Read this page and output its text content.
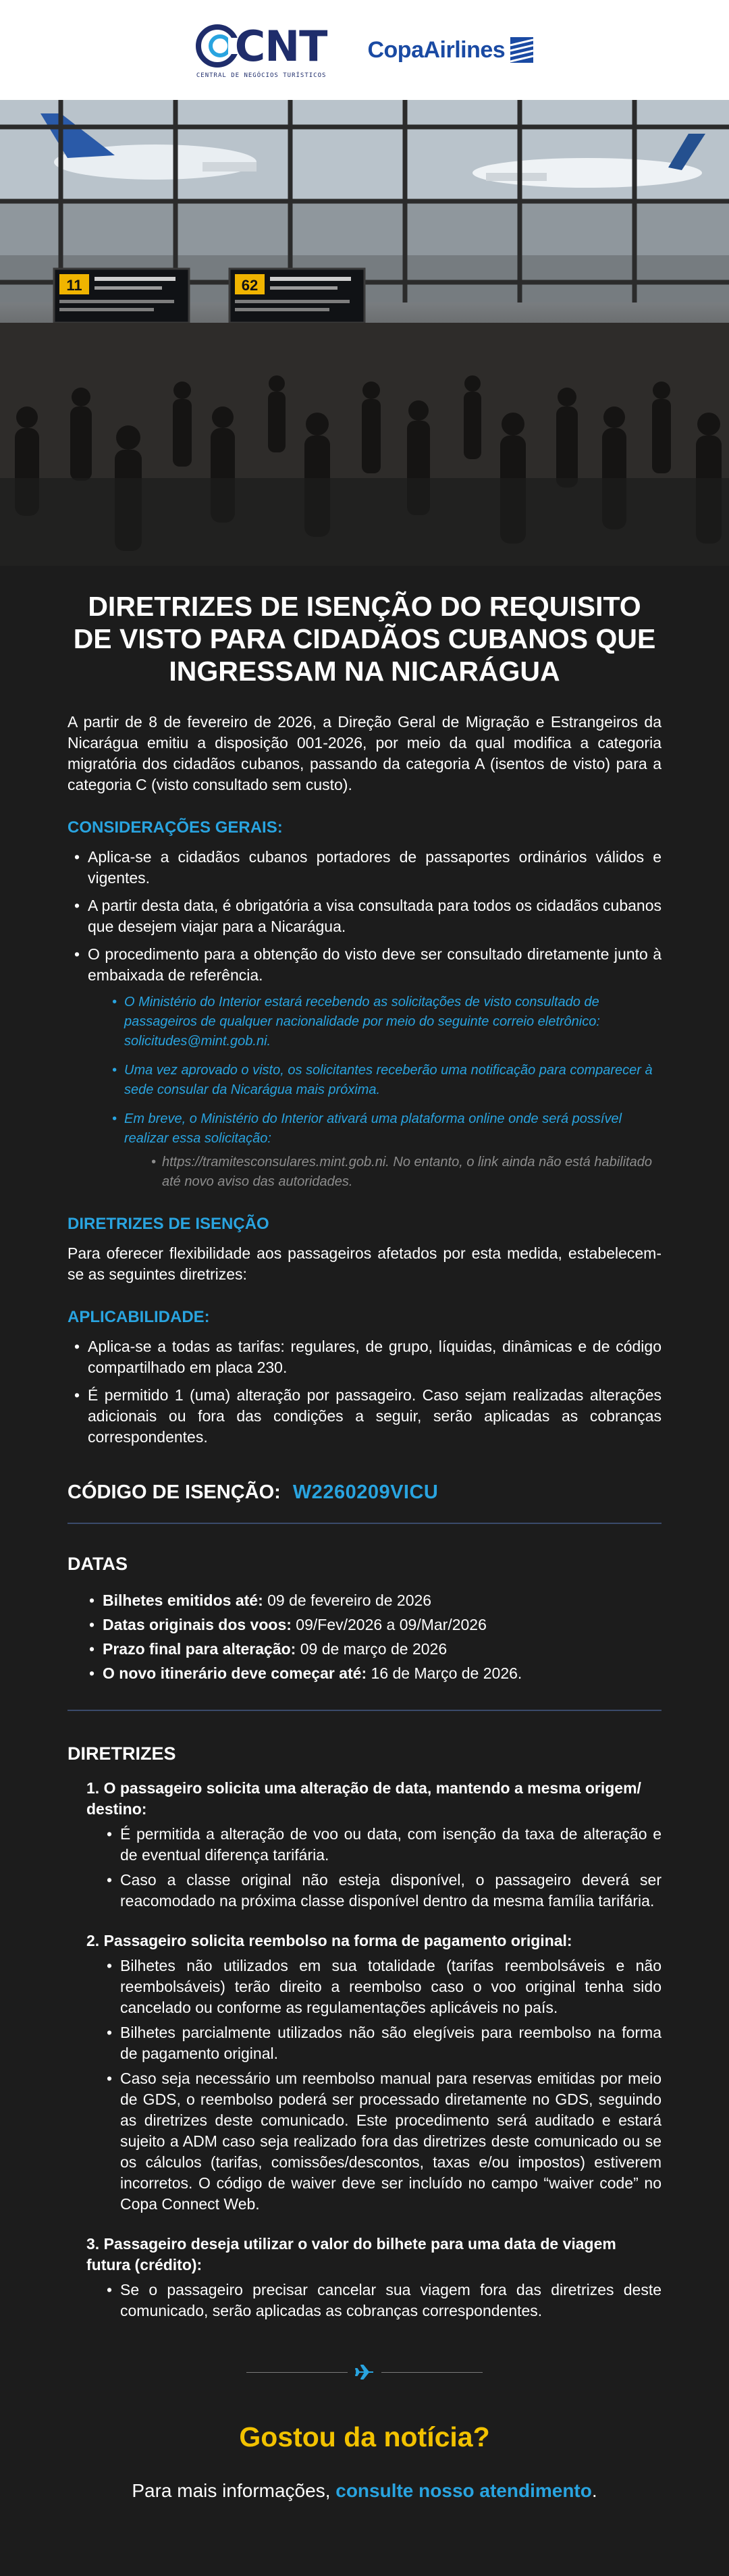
CNT
CENTRAL DE NEGÓCIOS TURÍSTICOS
CopaAirlines
11	62
DIRETRIZES DE ISENÇÃO DO REQUISITO DE VISTO PARA CIDADÃOS CUBANOS QUE INGRESSAM NA NICARÁGUA

A partir de 8 de fevereiro de 2026, a Direção Geral de Migração e Estrangeiros da Nicarágua emitiu a disposição 001-2026, por meio da qual modifica a categoria migratória dos cidadãos cubanos, passando da categoria A (isentos de visto) para a categoria C (visto consultado sem custo).

CONSIDERAÇÕES GERAIS:
• Aplica-se a cidadãos cubanos portadores de passaportes ordinários válidos e vigentes.
• A partir desta data, é obrigatória a visa consultada para todos os cidadãos cubanos que desejem viajar para a Nicarágua.
• O procedimento para a obtenção do visto deve ser consultado diretamente junto à embaixada de referência.
• O Ministério do Interior estará recebendo as solicitações de visto consultado de passageiros de qualquer nacionalidade por meio do seguinte correio eletrônico: solicitudes@mint.gob.ni.
• Uma vez aprovado o visto, os solicitantes receberão uma notificação para comparecer à sede consular da Nicarágua mais próxima.
• Em breve, o Ministério do Interior ativará uma plataforma online onde será possível realizar essa solicitação:
• https://tramitesconsulares.mint.gob.ni. No entanto, o link ainda não está habilitado até novo aviso das autoridades.
DIRETRIZES DE ISENÇÃO

Para oferecer flexibilidade aos passageiros afetados por esta medida, estabelecem-se as seguintes diretrizes:

APLICABILIDADE:
• Aplica-se a todas as tarifas: regulares, de grupo, líquidas, dinâmicas e de código compartilhado em placa 230.
• É permitido 1 (uma) alteração por passageiro. Caso sejam realizadas alterações adicionais ou fora das condições a seguir, serão aplicadas as cobranças correspondentes.
CÓDIGO DE ISENÇÃO: W2260209VICU
DATAS
• Bilhetes emitidos até: 09 de fevereiro de 2026
• Datas originais dos voos: 09/Fev/2026 a 09/Mar/2026
• Prazo final para alteração: 09 de março de 2026
• O novo itinerário deve começar até: 16 de Março de 2026.
DIRETRIZES
1. O passageiro solicita uma alteração de data, mantendo a mesma origem/ destino:
• É permitida a alteração de voo ou data, com isenção da taxa de alteração e de eventual diferença tarifária.
• Caso a classe original não esteja disponível, o passageiro deverá ser reacomodado na próxima classe disponível dentro da mesma família tarifária.
2. Passageiro solicita reembolso na forma de pagamento original:
• Bilhetes não utilizados em sua totalidade (tarifas reembolsáveis e não reembolsáveis) terão direito a reembolso caso o voo original tenha sido cancelado ou conforme as regulamentações aplicáveis no país.
• Bilhetes parcialmente utilizados não são elegíveis para reembolso na forma de pagamento original.
• Caso seja necessário um reembolso manual para reservas emitidas por meio de GDS, o reembolso poderá ser processado diretamente no GDS, seguindo as diretrizes deste comunicado. Este procedimento será auditado e estará sujeito a ADM caso seja realizado fora das diretrizes deste comunicado ou se os cálculos (tarifas, comissões/descontos, taxas e/ou impostos) estiverem incorretos. O código de waiver deve ser incluído no campo “waiver code” no Copa Connect Web.
3. Passageiro deseja utilizar o valor do bilhete para uma data de viagem futura (crédito):
• Se o passageiro precisar cancelar sua viagem fora das diretrizes deste comunicado, serão aplicadas as cobranças correspondentes.
Gostou da notícia?
Para mais informações, consulte nosso atendimento.
